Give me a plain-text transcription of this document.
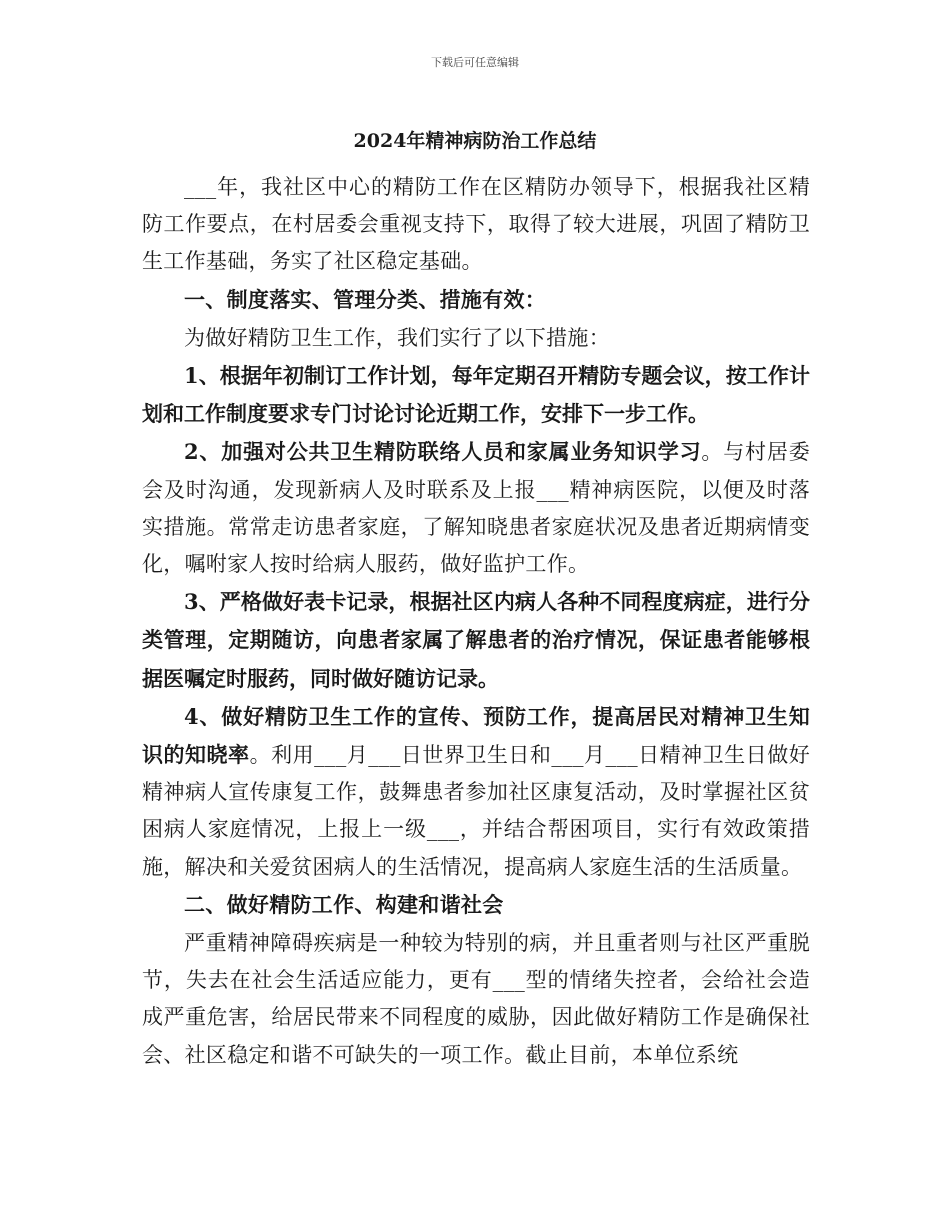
下载后可任意编辑
2024年精神病防治工作总结

___年，我社区中心的精防工作在区精防办领导下，根据我社区精防工作要点，在村居委会重视支持下，取得了较大进展，巩固了精防卫生工作基础，务实了社区稳定基础。

一、制度落实、管理分类、措施有效：

为做好精防卫生工作，我们实行了以下措施：

1、根据年初制订工作计划，每年定期召开精防专题会议，按工作计划和工作制度要求专门讨论讨论近期工作，安排下一步工作。

2、加强对公共卫生精防联络人员和家属业务知识学习。与村居委会及时沟通，发现新病人及时联系及上报___精神病医院，以便及时落实措施。常常走访患者家庭，了解知晓患者家庭状况及患者近期病情变化，嘱咐家人按时给病人服药，做好监护工作。

3、严格做好表卡记录，根据社区内病人各种不同程度病症，进行分类管理，定期随访，向患者家属了解患者的治疗情况，保证患者能够根据医嘱定时服药，同时做好随访记录。

4、做好精防卫生工作的宣传、预防工作，提高居民对精神卫生知识的知晓率。利用___月___日世界卫生日和___月___日精神卫生日做好精神病人宣传康复工作，鼓舞患者参加社区康复活动，及时掌握社区贫困病人家庭情况，上报上一级___，并结合帮困项目，实行有效政策措施，解决和关爱贫困病人的生活情况，提高病人家庭生活的生活质量。

二、做好精防工作、构建和谐社会

严重精神障碍疾病是一种较为特别的病，并且重者则与社区严重脱节，失去在社会生活适应能力，更有___型的情绪失控者，会给社会造成严重危害，给居民带来不同程度的威胁，因此做好精防工作是确保社会、社区稳定和谐不可缺失的一项工作。截止目前，本单位系统
